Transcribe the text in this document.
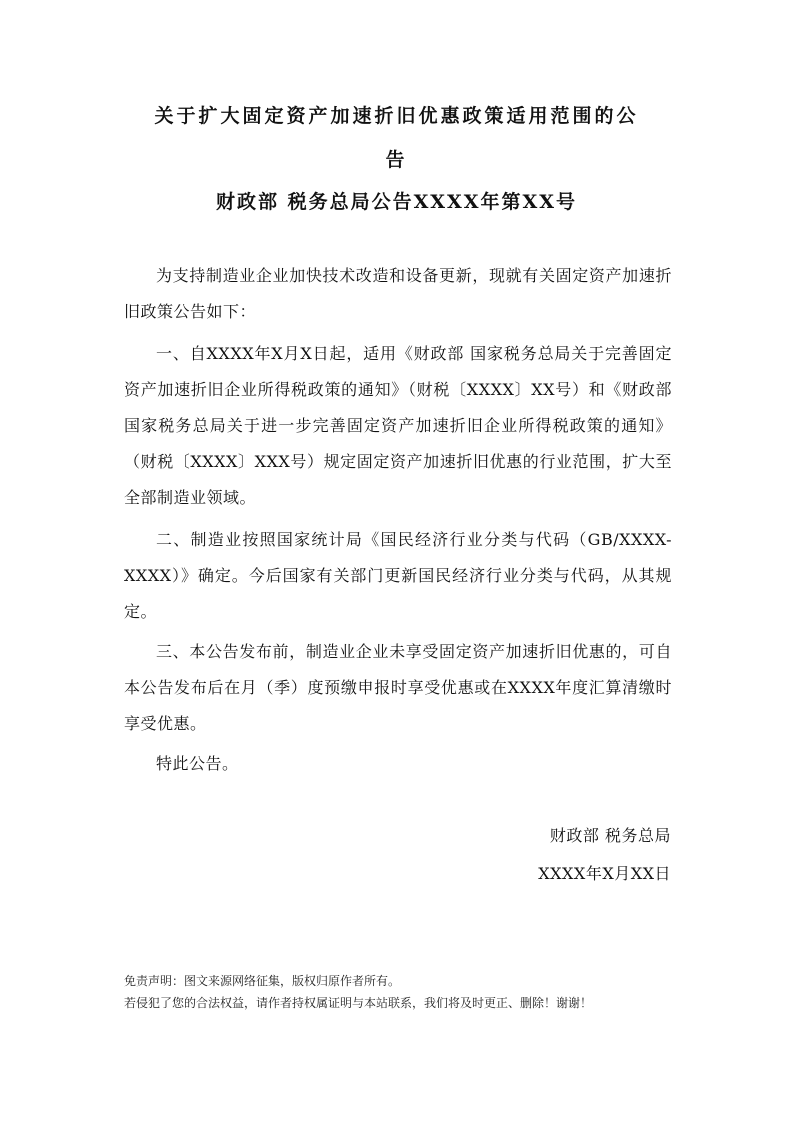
关于扩大固定资产加速折旧优惠政策适用范围的公
告
财政部 税务总局公告XXXX年第XX号

为支持制造业企业加快技术改造和设备更新，现就有关固定资产加速折旧政策公告如下：

一、自XXXX年X月X日起，适用《财政部 国家税务总局关于完善固定资产加速折旧企业所得税政策的通知》（财税〔XXXX〕XX号）和《财政部 国家税务总局关于进一步完善固定资产加速折旧企业所得税政策的通知》（财税〔XXXX〕XXX号）规定固定资产加速折旧优惠的行业范围，扩大至全部制造业领域。

二、制造业按照国家统计局《国民经济行业分类与代码（GB/XXXX-XXXX）》确定。今后国家有关部门更新国民经济行业分类与代码，从其规定。

三、本公告发布前，制造业企业未享受固定资产加速折旧优惠的，可自本公告发布后在月（季）度预缴申报时享受优惠或在XXXX年度汇算清缴时享受优惠。

特此公告。

财政部 税务总局

XXXX年X月XX日

免责声明：图文来源网络征集，版权归原作者所有。

若侵犯了您的合法权益，请作者持权属证明与本站联系，我们将及时更正、删除！谢谢！
